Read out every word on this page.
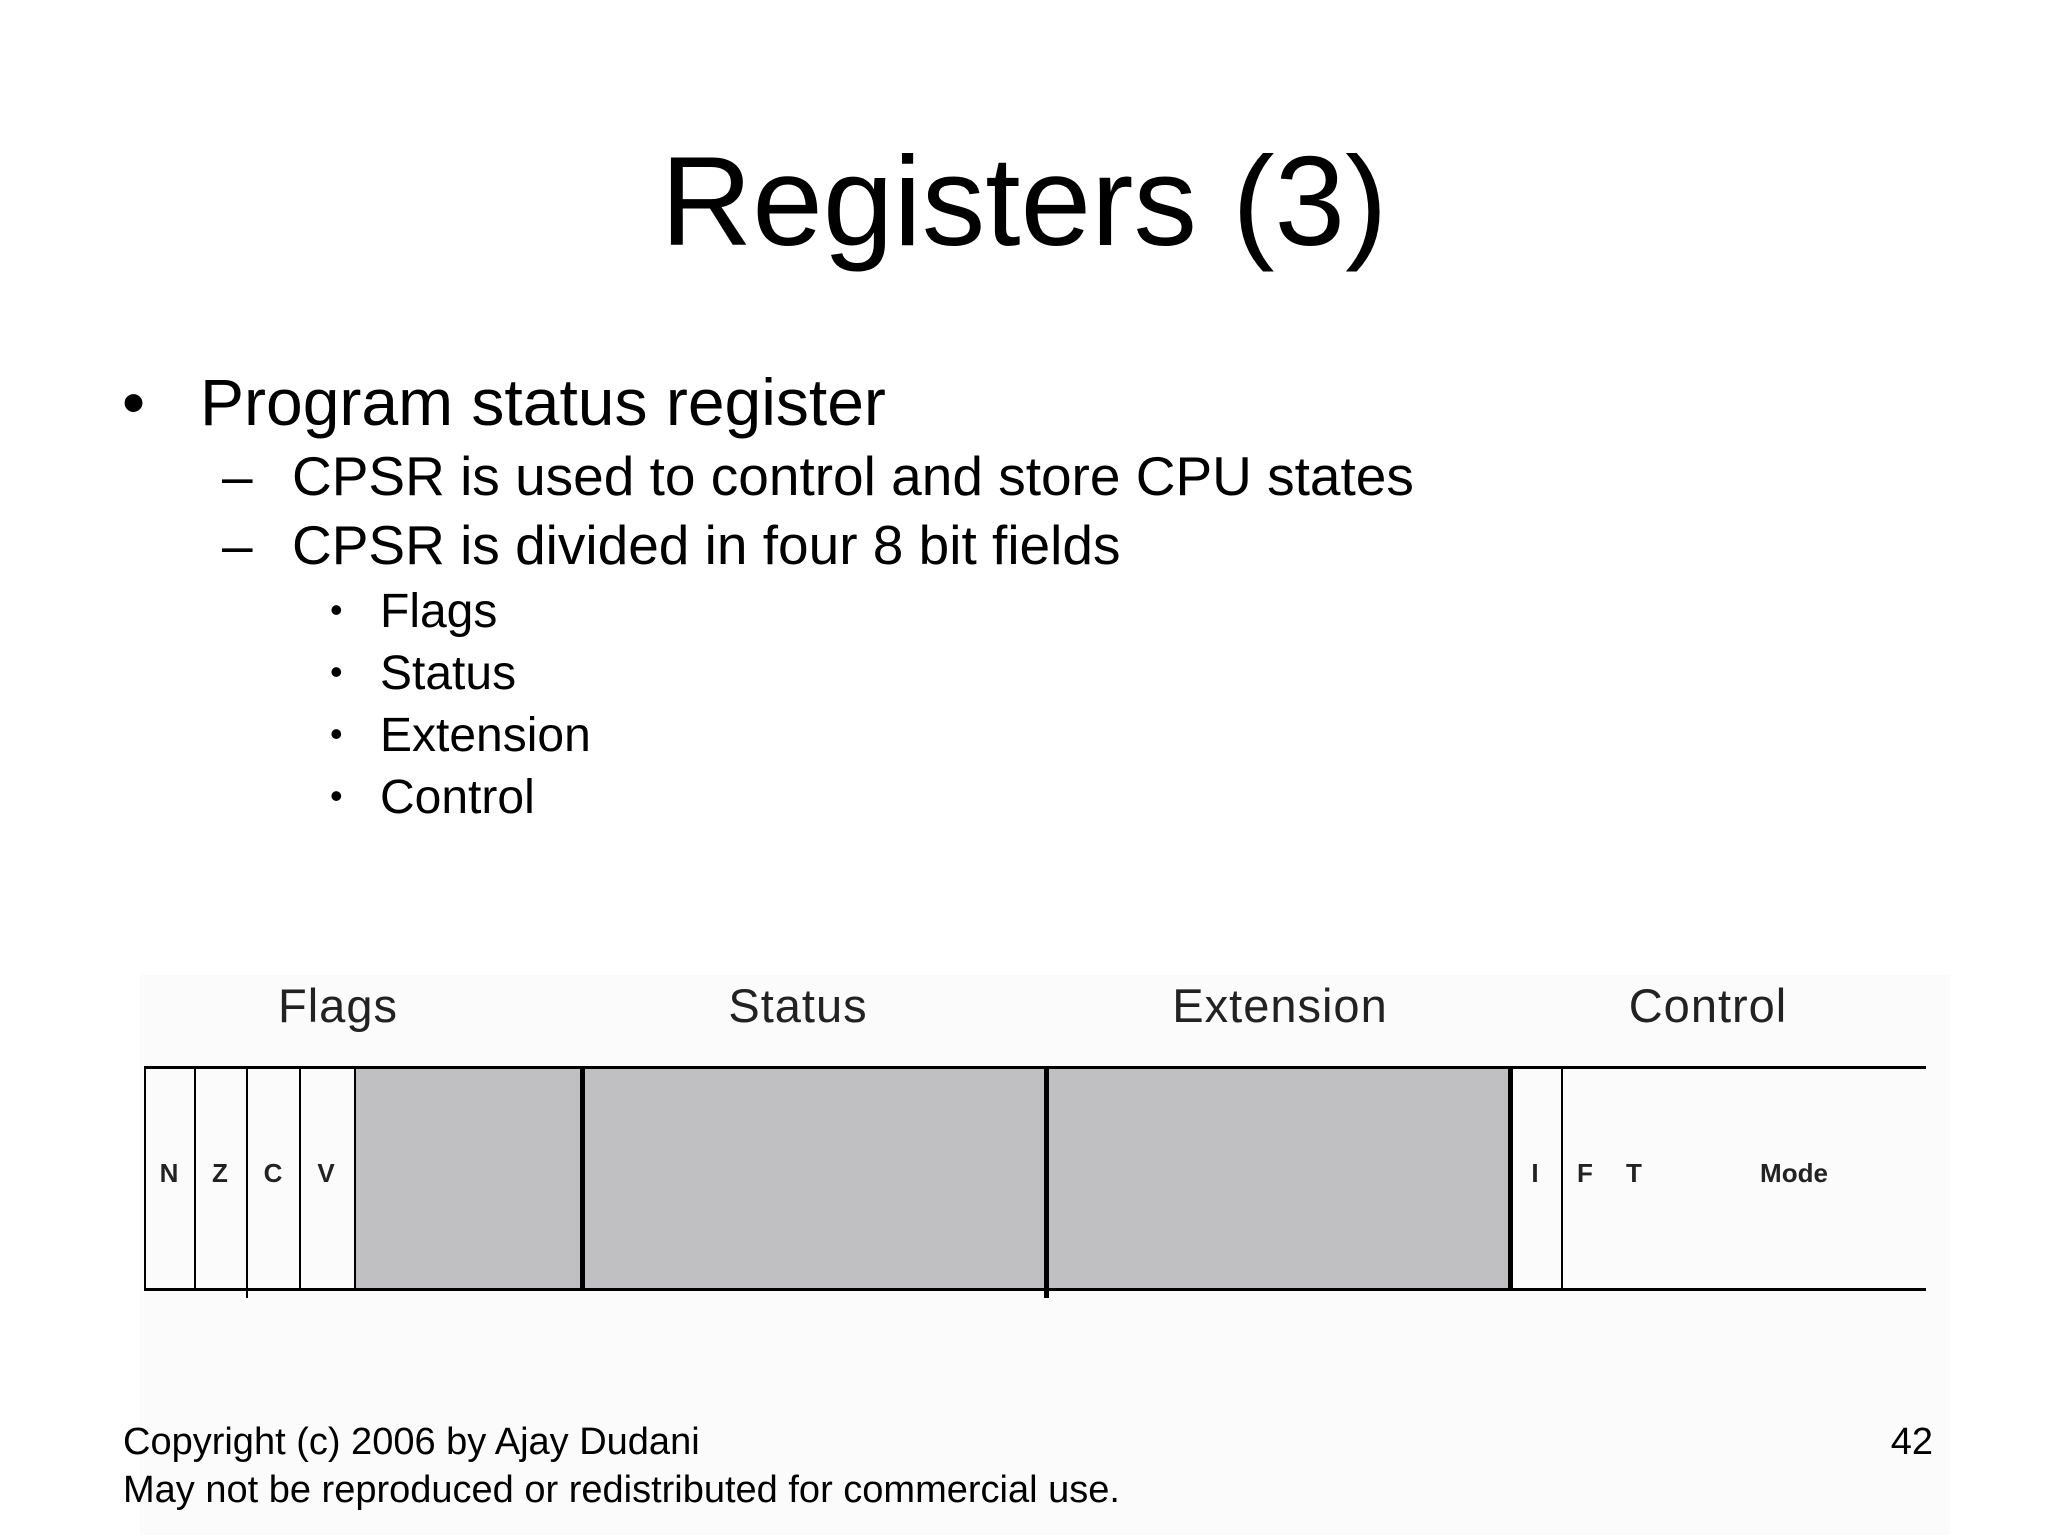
Registers (3)
• Program status register
– CPSR is used to control and store CPU states
– CPSR is divided in four 8 bit fields
• Flags
• Status
• Extension
• Control
Flags	Status	Extension	Control
N Z C V	I F T	Mode
Copyright (c) 2006 by Ajay Dudani
May not be reproduced or redistributed for commercial use.
42
